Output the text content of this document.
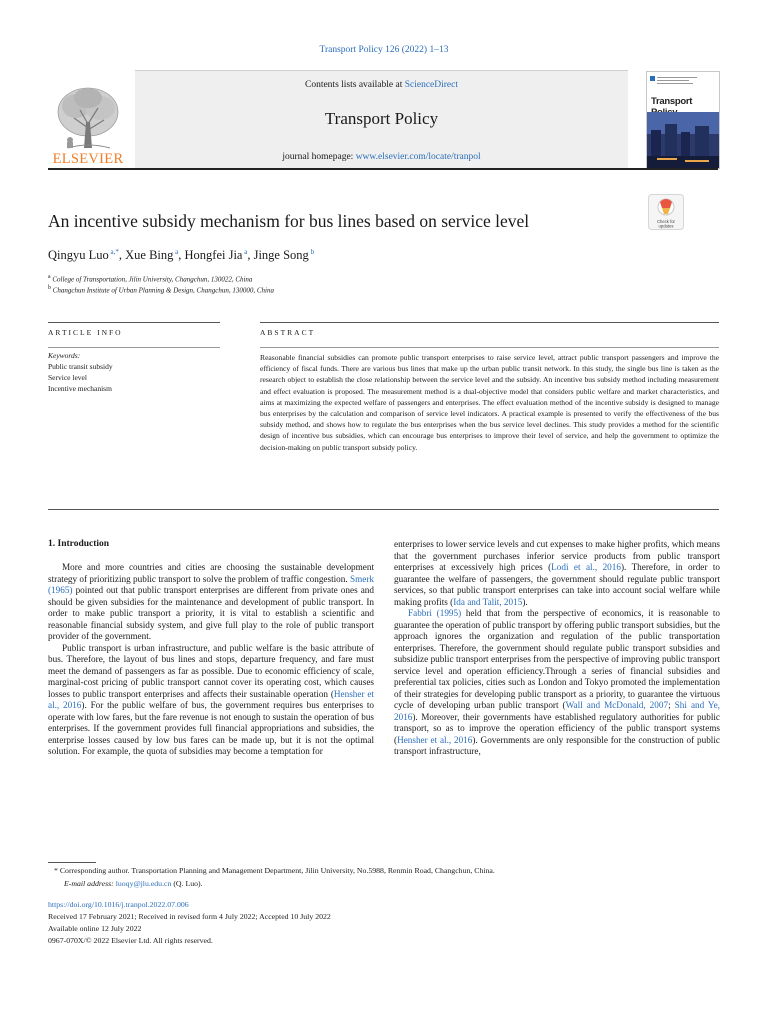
Transport Policy 126 (2022) 1–13
Contents lists available at ScienceDirect
Transport Policy
journal homepage: www.elsevier.com/locate/tranpol
ELSEVIER
Transport
An incentive subsidy mechanism for bus lines based on service level	Check for
updates
Qingyu Luo $^{a,*}$, Xue Bing $^a$, Hongfei Jia $^a$, Jinge Song $^b$
$^a$ College of Transportation, Jilin University, Changchun, 130022, China
$^b$ Changchun Institute of Urban Planning & Design, Changchun, 130000, China
ARTICLE INFO	ABSTRACT
Keywords:
Public transit subsidy
Service level
Incentive mechanism
Reasonable financial subsidies can promote public transport enterprises to raise service level, attract public transport passengers and improve the efficiency of fiscal funds. There are various bus lines that make up the urban public transit network. In this study, the single bus line is taken as the research object to establish the close relationship between the service level and the subsidy. An incentive bus subsidy method including measurement and effect evaluation is proposed. The measurement method is a dual-objective model that considers public welfare and market characteristics, and aims at maximizing the expected welfare of passengers and enterprises. The effect evaluation method of the incentive subsidy is designed to manage bus enterprises by the calculation and comparison of service level indicators. A practical example is presented to verify the effectiveness of the bus subsidy method, and shows how to regulate the bus enterprises when the bus service level declines. This study provides a method for the scientific design of incentive bus subsidies, which can encourage bus enterprises to improve their level of service, and help the government to optimize the decision-making on public transport subsidy policy.
1. Introduction

More and more countries and cities are choosing the sustainable development strategy of prioritizing public transport to solve the problem of traffic congestion. Smerk (1965) pointed out that public transport enterprises are different from private ones and should be given subsidies for the maintenance and development of public transport. In order to make public transport a priority, it is vital to establish a scientific and reasonable financial subsidy system, and give full play to the role of public transport provider of the government.

Public transport is urban infrastructure, and public welfare is the basic attribute of bus. Therefore, the layout of bus lines and stops, departure frequency, and fare must meet the demand of passengers as far as possible. Due to economic efficiency of scale, marginal-cost pricing of public transport cannot cover its operating cost, which causes losses to public transport enterprises and affects their sustainable operation (Hensher et al., 2016). For the public welfare of bus, the government requires bus enterprises to operate with low fares, but the fare revenue is not enough to sustain the operation of bus enterprises. If the government provides full financial appropriations and subsidies, the enterprise losses caused by low bus fares can be made up, but it is not the optimal solution. For example, the quota of subsidies may become a temptation for

enterprises to lower service levels and cut expenses to make higher profits, which means that the government purchases inferior service products from public transport enterprises at excessively high prices (Lodi et al., 2016). Therefore, in order to guarantee the welfare of passengers, the government should regulate public transport services, so that public transport enterprises can take into account social welfare while making profits (Ida and Talit, 2015).

Fabbri (1995) held that from the perspective of economics, it is reasonable to guarantee the operation of public transport by offering public transport subsidies, but the approach ignores the organization and regulation of the public transportation enterprises. Therefore, the government should regulate public transport subsidies and subsidize public transport enterprises from the perspective of improving public transport service level and operation efficiency.Through a series of financial subsidies and preferential tax policies, cities such as London and Tokyo promoted the implementation of their strategies for developing public transport as a priority, to guarantee the virtuous cycle of developing urban public transport (Wall and McDonald, 2007; Shi and Ye, 2016). Moreover, their governments have established regulatory authorities for public transport, so as to improve the operation efficiency of the public transport systems (Hensher et al., 2016). Governments are only responsible for the construction of public transport infrastructure,

* Corresponding author. Transportation Planning and Management Department, Jilin University, No.5988, Renmin Road, Changchun, China.
E-mail address: luoqy@jlu.edu.cn (Q. Luo).
https://doi.org/10.1016/j.tranpol.2022.07.006
Received 17 February 2021; Received in revised form 4 July 2022; Accepted 10 July 2022
Available online 12 July 2022
0967-070X/© 2022 Elsevier Ltd. All rights reserved.
